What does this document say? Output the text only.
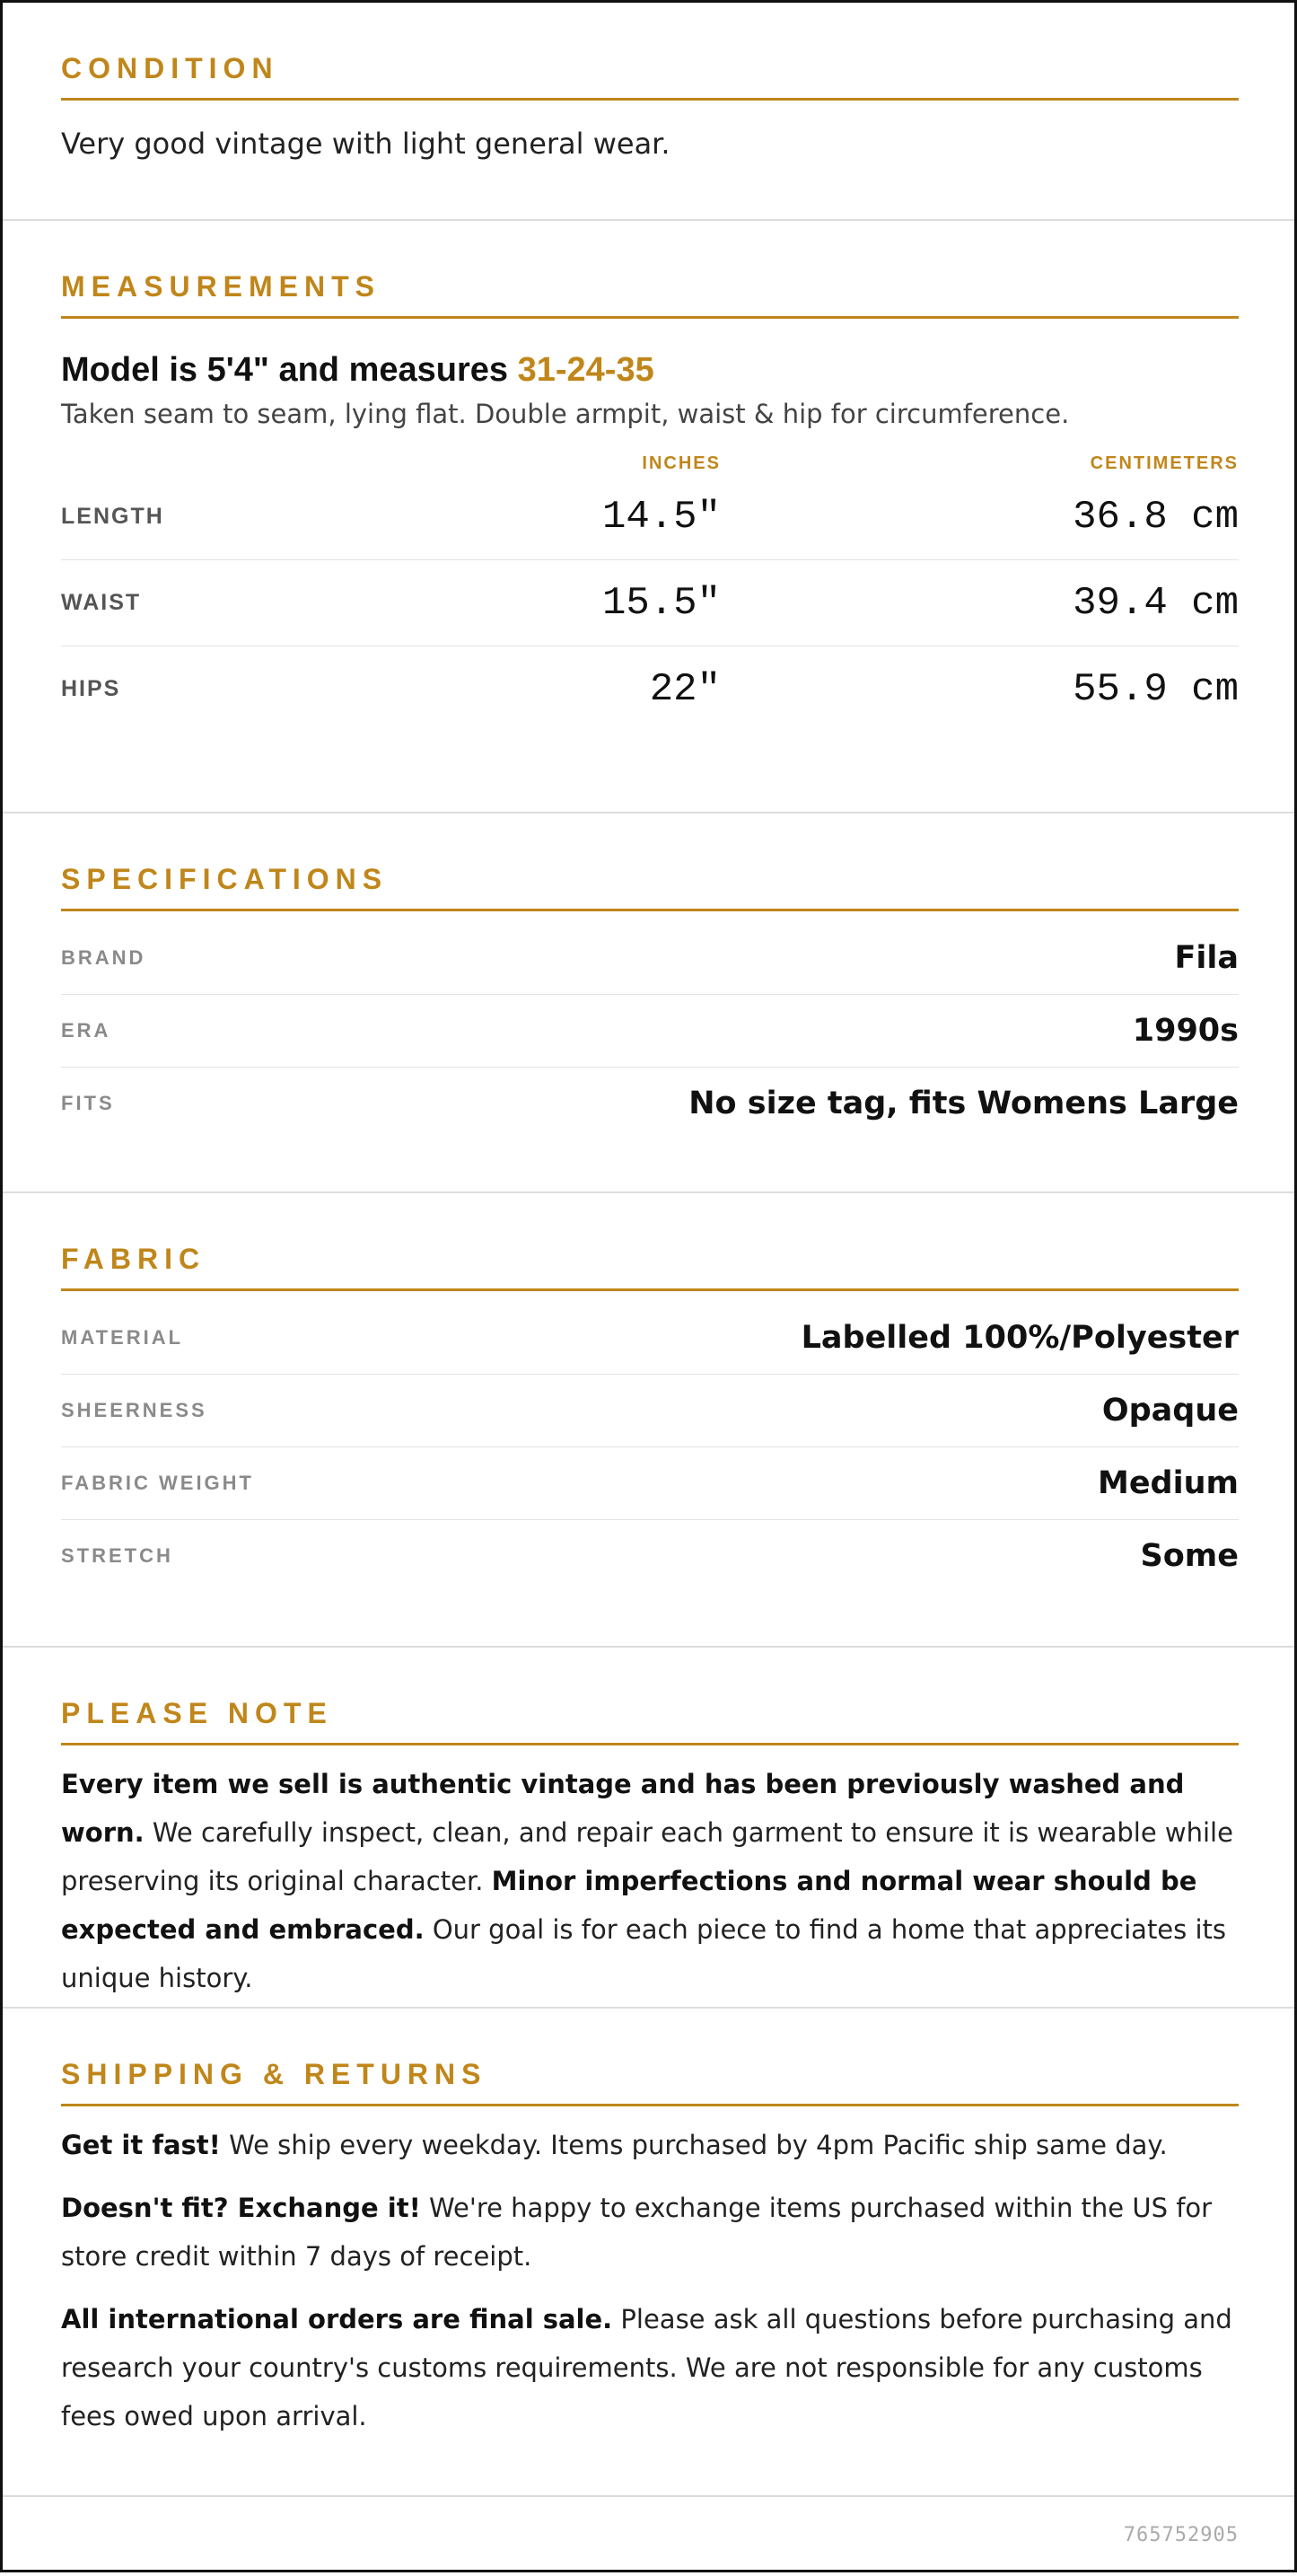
CONDITION
Very good vintage with light general wear.
MEASUREMENTS
Model is 5'4" and measures 31-24-35
Taken seam to seam, lying flat. Double armpit, waist & hip for circumference.
INCHES	CENTIMETERS
LENGTH	14.5"	36.8 cm
WAIST	15.5"	39.4 cm
HIPS	22"	55.9 cm
SPECIFICATIONS
BRAND	Fila
ERA	1990s
FITS	No size tag, fits Womens Large
FABRIC
MATERIAL	Labelled 100%/Polyester
SHEERNESS	Opaque
FABRIC WEIGHT	Medium
STRETCH	Some
PLEASE NOTE
Every item we sell is authentic vintage and has been previously washed and worn. We carefully inspect, clean, and repair each garment to ensure it is wearable while preserving its original character. Minor imperfections and normal wear should be expected and embraced. Our goal is for each piece to find a home that appreciates its unique history.
SHIPPING & RETURNS
Get it fast! We ship every weekday. Items purchased by 4pm Pacific ship same day.
Doesn't fit? Exchange it! We're happy to exchange items purchased within the US for store credit within 7 days of receipt.
All international orders are final sale. Please ask all questions before purchasing and research your country's customs requirements. We are not responsible for any customs fees owed upon arrival.
765752905
